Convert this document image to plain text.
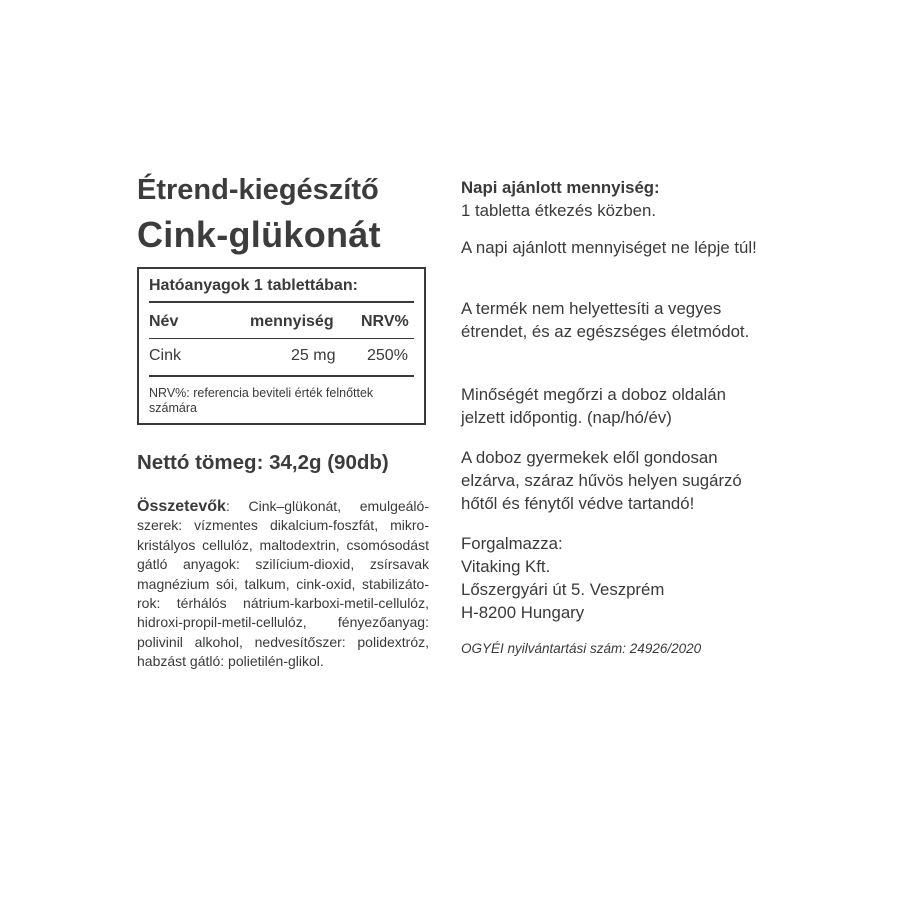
Étrend-kiegészítő
Cink-glükonát
Hatóanyagok 1 tablettában:
Név	mennyiség NRV%
Cink	25 mg 250%
NRV%: referencia beviteli érték felnőttek számára
Nettó tömeg: 34,2g (90db)
Összetevők: Cink–glükonát, emulgeálószerek: vízmentes dikalcium-foszfát, mikrokristályos cellulóz, maltodextrin, csomósodást gátló anyagok: szilícium-dioxid, zsírsavak magnézium sói, talkum, cink-oxid, stabilizátorok: térhálós nátrium-karboxi-metil-cellulóz, hidroxi-propil-metil-cellulóz, fényezőanyag: polivinil alkohol, nedvesítőszer: polidextróz, habzást gátló: polietilén-glikol.

Napi ajánlott mennyiség:
1 tabletta étkezés közben.

A napi ajánlott mennyiséget ne lépje túl!

A termék nem helyettesíti a vegyes étrendet, és az egészséges életmódot.

Minőségét megőrzi a doboz oldalán jelzett időpontig. (nap/hó/év)

A doboz gyermekek elől gondosan elzárva, száraz hűvös helyen sugárzó hőtől és fénytől védve tartandó!

Forgalmazza:
Vitaking Kft.
Lőszergyári út 5. Veszprém
H-8200 Hungary

OGYÉI nyilvántartási szám: 24926/2020
